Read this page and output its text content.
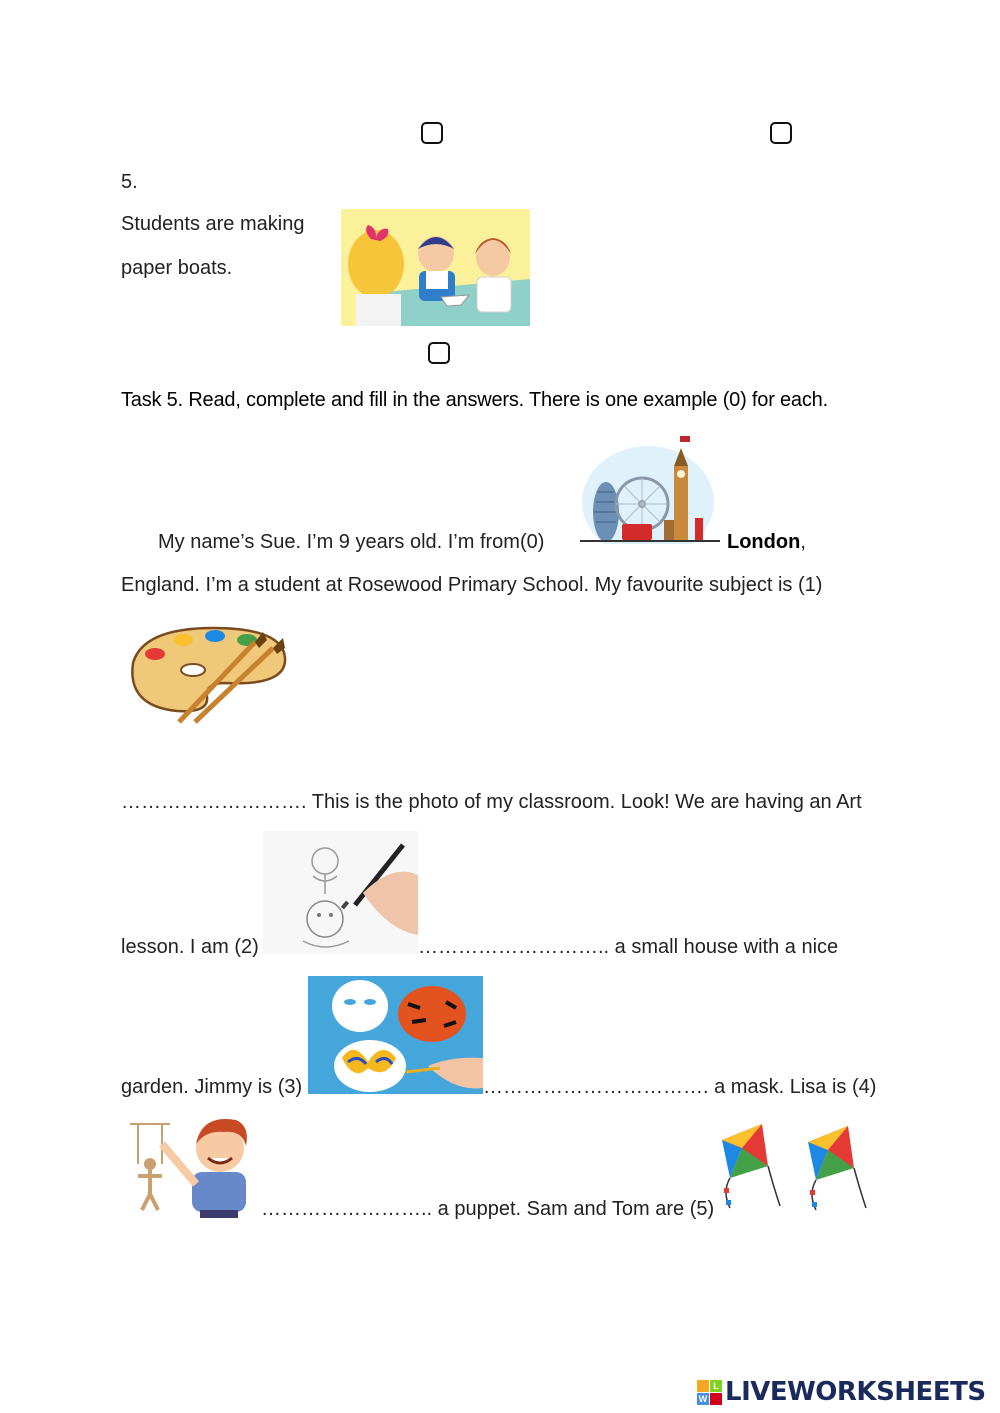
5.
Students are making
paper boats.
Task 5. Read, complete and fill in the answers. There is one example (0) for each.
My name’s Sue. I’m 9 years old. I’m from(0)	London,
England. I’m a student at Rosewood Primary School. My favourite subject is (1)
………………………. This is the photo of my classroom. Look! We are having an Art
lesson. I am (2)	……………………….. a small house with a nice
garden. Jimmy is (3)	……………………………. a mask. Lisa is (4)
…………………….. a puppet. Sam and Tom are (5)
L
W LIVEWORKSHEETS
